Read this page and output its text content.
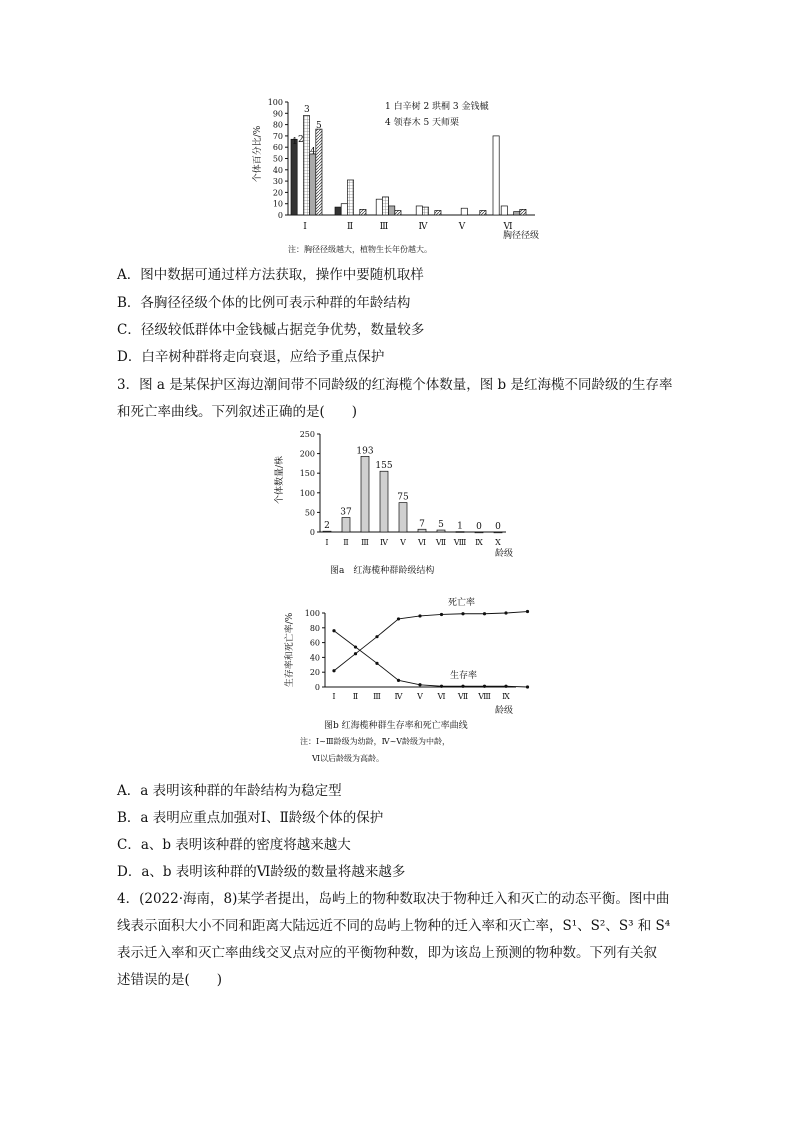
个体百分比/%
0
10
20
30
40
50
60
70
80
90
100
1 2
3
4
5
Ⅰ	Ⅱ	Ⅲ	Ⅳ	Ⅴ	Ⅵ
1 白辛树 2 珙桐 3 金钱槭
4 领春木 5 天师栗
胸径径级
注：胸径径级越大，植物生长年份越大。
A．图中数据可通过样方法获取，操作中要随机取样
B．各胸径径级个体的比例可表示种群的年龄结构
C．径级较低群体中金钱槭占据竞争优势，数量较多
D．白辛树种群将走向衰退，应给予重点保护
3．图 a 是某保护区海边潮间带不同龄级的红海榄个体数量，图 b 是红海榄不同龄级的生存率
和死亡率曲线。下列叙述正确的是(　　)
个体数量/株
0
50
100
150
200
250
2
37
193
155
75
7 5 1 0 0
Ⅰ Ⅱ Ⅲ Ⅳ Ⅴ Ⅵ Ⅶ Ⅷ Ⅸ Ⅹ
龄级
图a　红海榄种群龄级结构
生存率和死亡率/%
0
20
40
60
80
100
Ⅰ Ⅱ Ⅲ Ⅳ Ⅴ Ⅵ Ⅶ Ⅷ Ⅸ
死亡率
生存率
龄级
图b 红海榄种群生存率和死亡率曲线
注：Ⅰ~Ⅲ龄级为幼龄，Ⅳ~Ⅴ龄级为中龄，
Ⅵ以后龄级为高龄。
A．a 表明该种群的年龄结构为稳定型
B．a 表明应重点加强对Ⅰ、Ⅱ龄级个体的保护
C．a、b 表明该种群的密度将越来越大
D．a、b 表明该种群的Ⅵ龄级的数量将越来越多
4．(2022·海南，8)某学者提出，岛屿上的物种数取决于物种迁入和灭亡的动态平衡。图中曲
线表示面积大小不同和距离大陆远近不同的岛屿上物种的迁入率和灭亡率，S¹、S²、S³ 和 S⁴
表示迁入率和灭亡率曲线交叉点对应的平衡物种数，即为该岛上预测的物种数。下列有关叙
述错误的是(　　)
